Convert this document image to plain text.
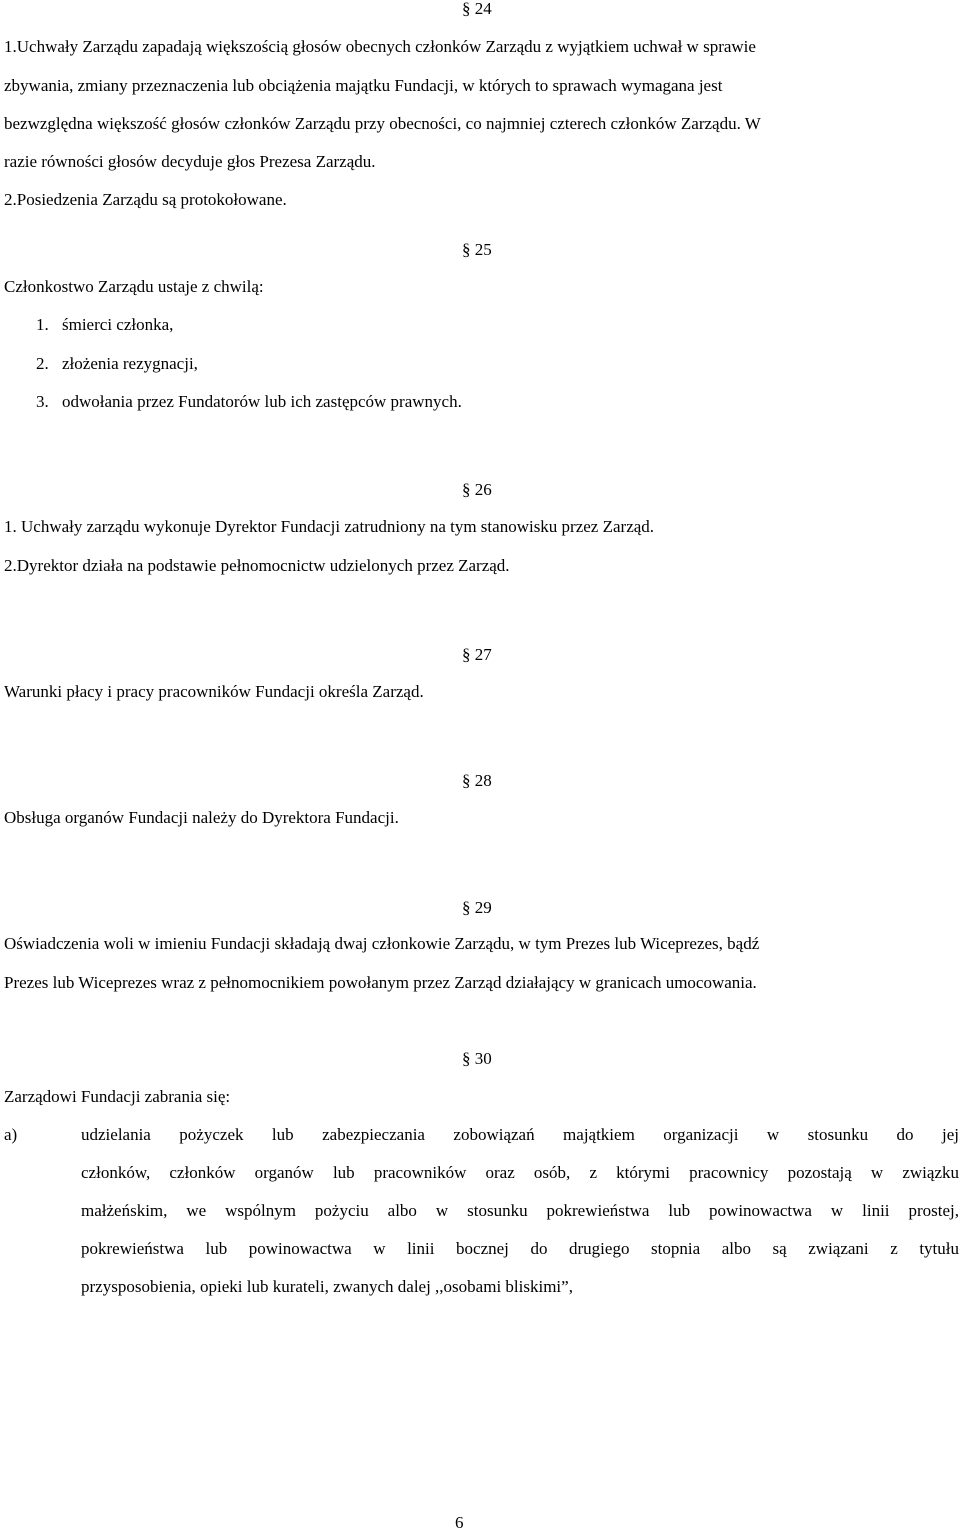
§ 24
1.Uchwały Zarządu zapadają większością głosów obecnych członków Zarządu z wyjątkiem uchwał w sprawie
zbywania, zmiany przeznaczenia lub obciążenia majątku Fundacji, w których to sprawach wymagana jest
bezwzględna większość głosów członków Zarządu przy obecności, co najmniej czterech członków Zarządu. W
razie równości głosów decyduje głos Prezesa Zarządu.
2.Posiedzenia Zarządu są protokołowane.
§ 25
Członkostwo Zarządu ustaje z chwilą:
1. śmierci członka,
2. złożenia rezygnacji,
3. odwołania przez Fundatorów lub ich zastępców prawnych.
§ 26
1. Uchwały zarządu wykonuje Dyrektor Fundacji zatrudniony na tym stanowisku przez Zarząd.
2.Dyrektor działa na podstawie pełnomocnictw udzielonych przez Zarząd.
§ 27
Warunki płacy i pracy pracowników Fundacji określa Zarząd.
§ 28
Obsługa organów Fundacji należy do Dyrektora Fundacji.
§ 29
Oświadczenia woli w imieniu Fundacji składają dwaj członkowie Zarządu, w tym Prezes lub Wiceprezes, bądź
Prezes lub Wiceprezes wraz z pełnomocnikiem powołanym przez Zarząd działający w granicach umocowania.
§ 30
Zarządowi Fundacji zabrania się:
a)	udzielania pożyczek lub zabezpieczania zobowiązań majątkiem organizacji w stosunku do jej
członków, członków organów lub pracowników oraz osób, z którymi pracownicy pozostają w związku
małżeńskim, we wspólnym pożyciu albo w stosunku pokrewieństwa lub powinowactwa w linii prostej,
pokrewieństwa lub powinowactwa w linii bocznej do drugiego stopnia albo są związani z tytułu
przysposobienia, opieki lub kurateli, zwanych dalej ,,osobami bliskimi”,
6
